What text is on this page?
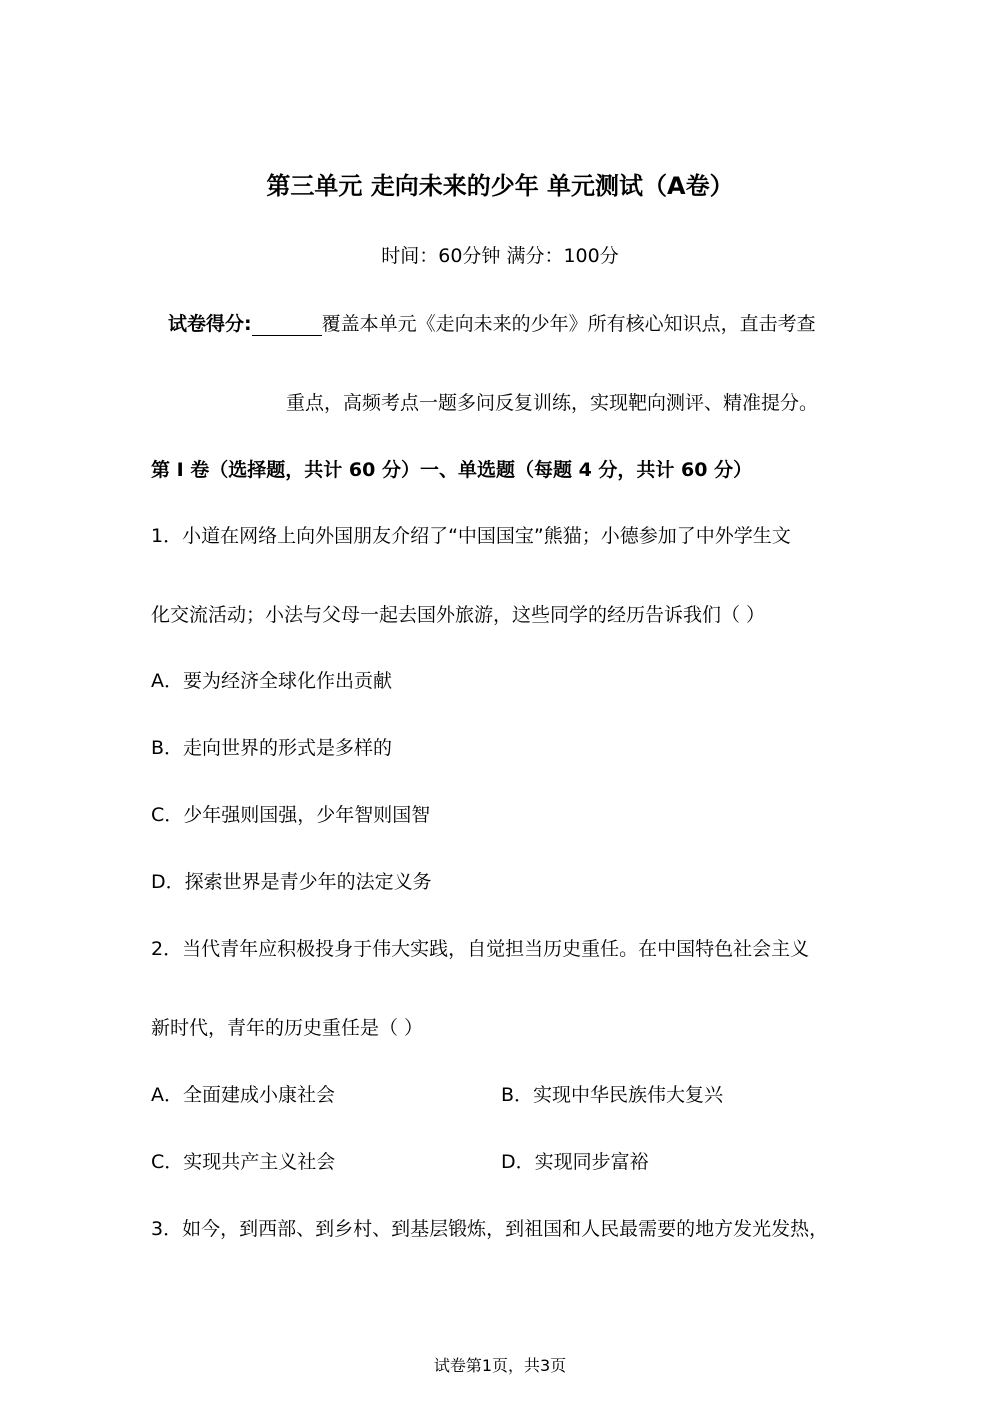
第三单元 走向未来的少年 单元测试（A卷）
时间：60分钟 满分：100分
试卷得分:	覆盖本单元《走向未来的少年》所有核心知识点，直击考查
重点，高频考点一题多问反复训练，实现靶向测评、精准提分。
第 I 卷（选择题，共计 60 分）一、单选题（每题 4 分，共计 60 分）
1．小道在网络上向外国朋友介绍了“中国国宝”熊猫；小德参加了中外学生文
化交流活动；小法与父母一起去国外旅游，这些同学的经历告诉我们（ ）
A．要为经济全球化作出贡献
B．走向世界的形式是多样的
C．少年强则国强，少年智则国智
D．探索世界是青少年的法定义务
2．当代青年应积极投身于伟大实践，自觉担当历史重任。在中国特色社会主义
新时代，青年的历史重任是（ ）
A．全面建成小康社会	B．实现中华民族伟大复兴
C．实现共产主义社会	D．实现同步富裕
3．如今，到西部、到乡村、到基层锻炼，到祖国和人民最需要的地方发光发热，
试卷第1页，共3页
